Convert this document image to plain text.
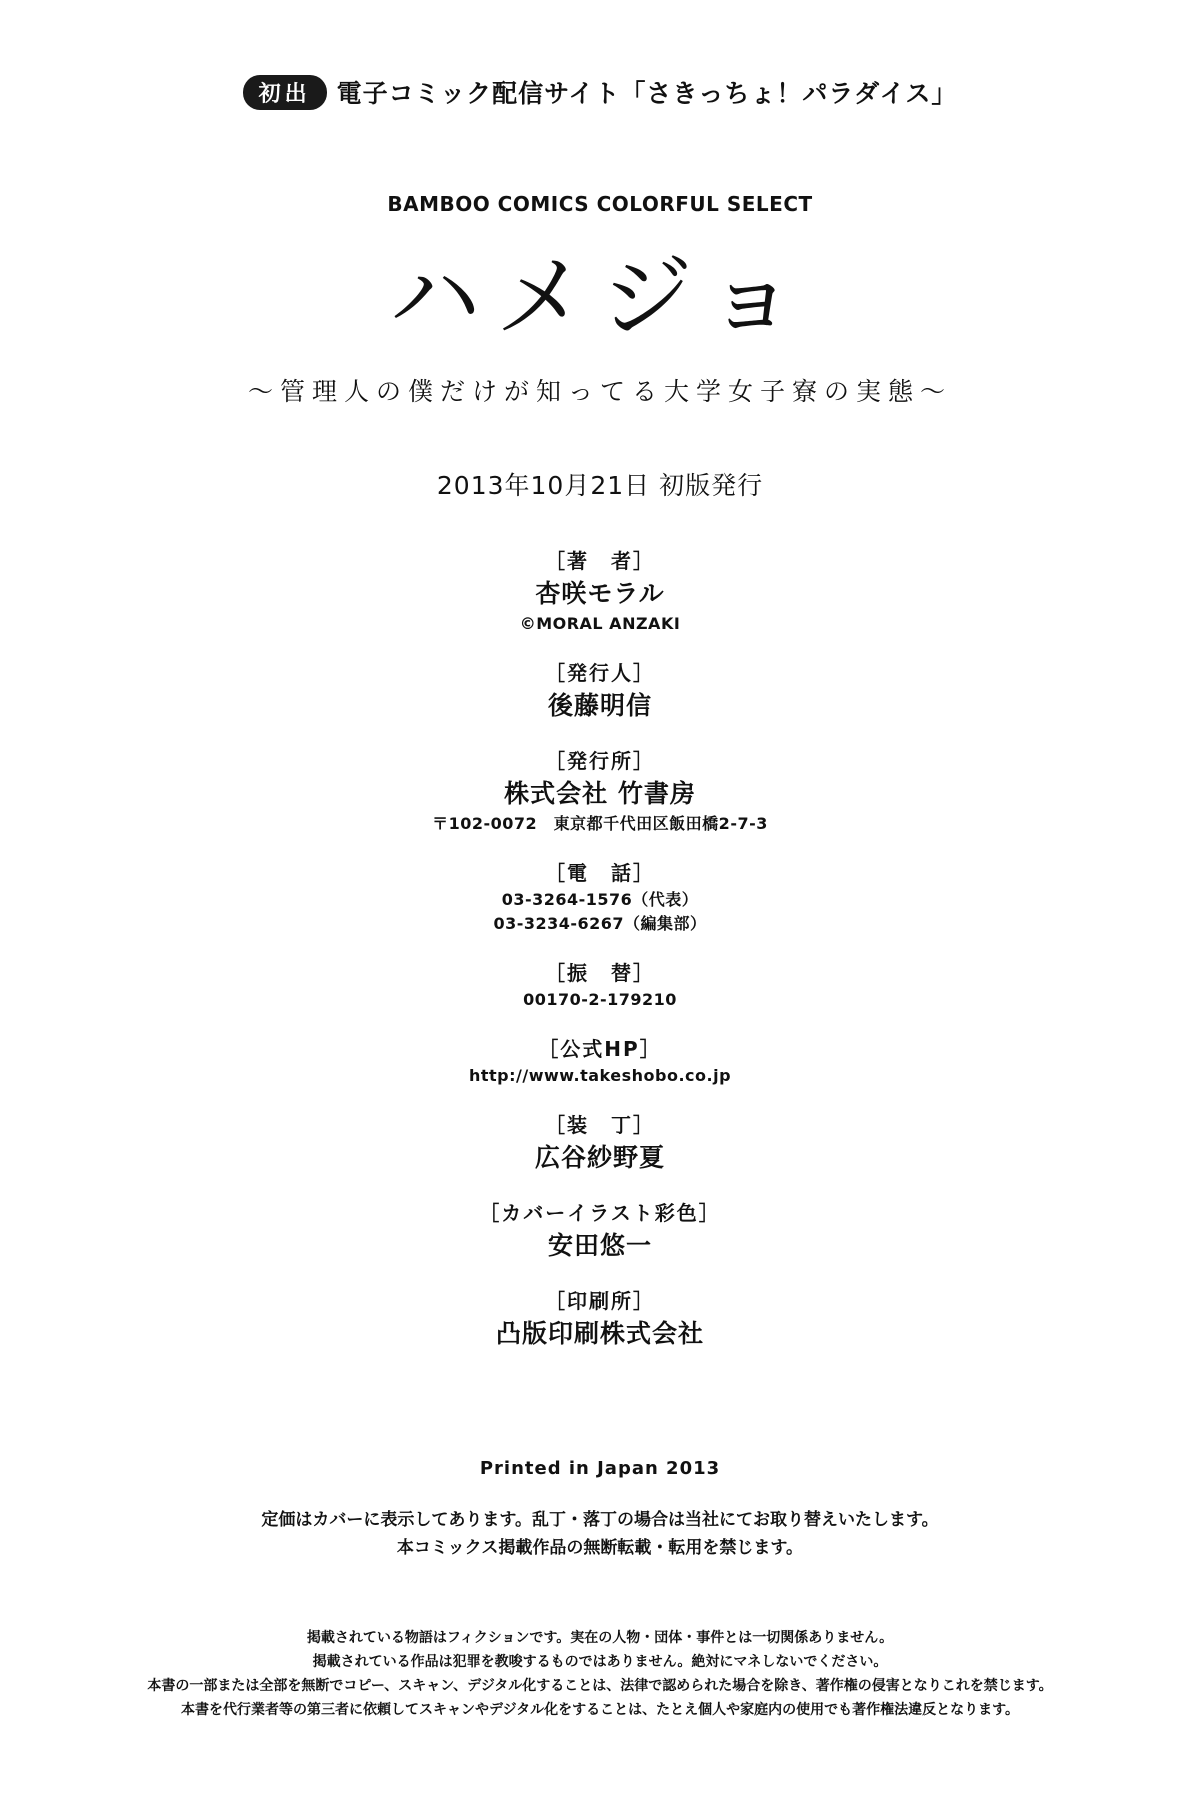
初出 電子コミック配信サイト「さきっちょ！パラダイス」
BAMBOO COMICS COLORFUL SELECT
ハメジョ
〜管理人の僕だけが知ってる大学女子寮の実態〜
2013年10月21日 初版発行
［著　者］
杏咲モラル
©MORAL ANZAKI
［発行人］
後藤明信
［発行所］
株式会社 竹書房
〒102-0072　東京都千代田区飯田橋2-7-3
［電　話］
03-3264-1576（代表）
03-3234-6267（編集部）
［振　替］
00170-2-179210
［公式HP］
http://www.takeshobo.co.jp
［装　丁］
広谷紗野夏
［カバーイラスト彩色］
安田悠一
［印刷所］
凸版印刷株式会社
Printed in Japan 2013
定価はカバーに表示してあります。乱丁・落丁の場合は当社にてお取り替えいたします。
本コミックス掲載作品の無断転載・転用を禁じます。
掲載されている物語はフィクションです。実在の人物・団体・事件とは一切関係ありません。
掲載されている作品は犯罪を教唆するものではありません。絶対にマネしないでください。
本書の一部または全部を無断でコピー、スキャン、デジタル化することは、法律で認められた場合を除き、著作権の侵害となりこれを禁じます。
本書を代行業者等の第三者に依頼してスキャンやデジタル化をすることは、たとえ個人や家庭内の使用でも著作権法違反となります。
